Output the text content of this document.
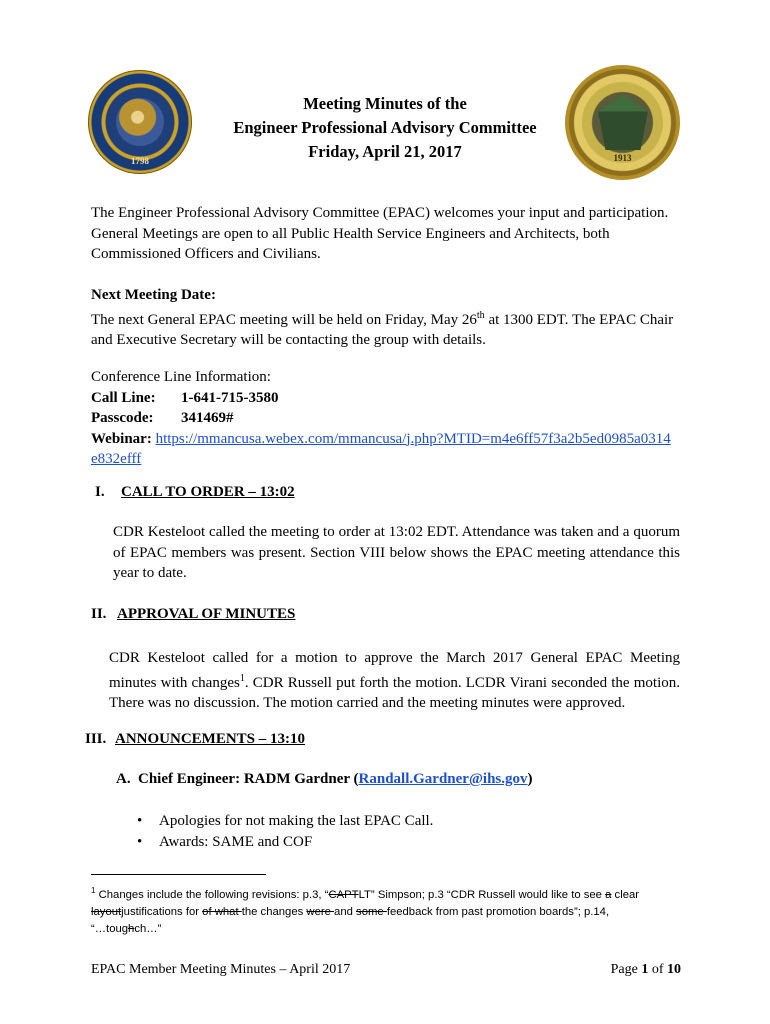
1798	1913
Meeting Minutes of the
Engineer Professional Advisory Committee
Friday, April 21, 2017

The Engineer Professional Advisory Committee (EPAC) welcomes your input and participation. General Meetings are open to all Public Health Service Engineers and Architects, both Commissioned Officers and Civilians.

Next Meeting Date:

The next General EPAC meeting will be held on Friday, May 26th at 1300 EDT. The EPAC Chair and Executive Secretary will be contacting the group with details.

Conference Line Information:

Call Line: 1-641-715-3580

Passcode: 341469#

Webinar: https://mmancusa.webex.com/mmancusa/j.php?MTID=m4e6ff57f3a2b5ed0985a0314
e832efff

I. CALL TO ORDER – 13:02

CDR Kesteloot called the meeting to order at 13:02 EDT. Attendance was taken and a quorum of EPAC members was present. Section VIII below shows the EPAC meeting attendance this year to date.

II. APPROVAL OF MINUTES

CDR Kesteloot called for a motion to approve the March 2017 General EPAC Meeting minutes with changes$^1$. CDR Russell put forth the motion. LCDR Virani seconded the motion. There was no discussion. The motion carried and the meeting minutes were approved.

III. ANNOUNCEMENTS – 13:10
A. Chief Engineer: RADM Gardner (Randall.Gardner@ihs.gov)
• Apologies for not making the last EPAC Call.
• Awards: SAME and COF
$^1$ Changes include the following revisions: p.3, “CAPTLT” Simpson; p.3 “CDR Russell would like to see a clear
layoutjustifications for of what the changes were and some feedback from past promotion boards”; p.14,
“…toughch…”
EPAC Member Meeting Minutes – April 2017	Page 1 of 10
